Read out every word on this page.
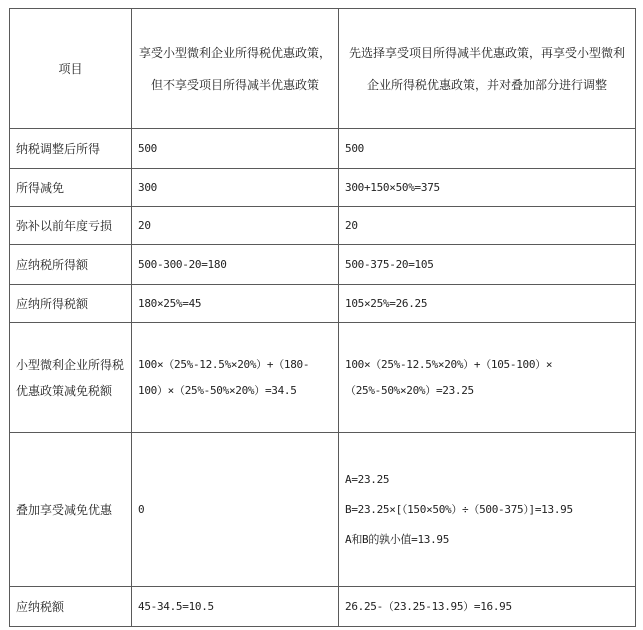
项目	享受小型微利企业所得税优惠政策，但不享受项目所得减半优惠政策	先选择享受项目所得减半优惠政策，再享受小型微利企业所得税优惠政策，并对叠加部分进行调整
纳税调整后所得	500	500
所得减免	300	300+150×50%=375
弥补以前年度亏损	20	20
应纳税所得额	500-300-20=180	500-375-20=105
应纳所得税额	180×25%=45	105×25%=26.25
小型微利企业所得税优惠政策减免税额	100×（25%-12.5%×20%）+（180-100）×（25%-50%×20%）=34.5	100×（25%-12.5%×20%）+（105-100）×（25%-50%×20%）=23.25
叠加享受减免优惠	0	A=23.25
B=23.25×[（150×50%）÷（500-375）]=13.95
A和B的孰小值=13.95

应纳税额	45-34.5=10.5	26.25-（23.25-13.95）=16.95
